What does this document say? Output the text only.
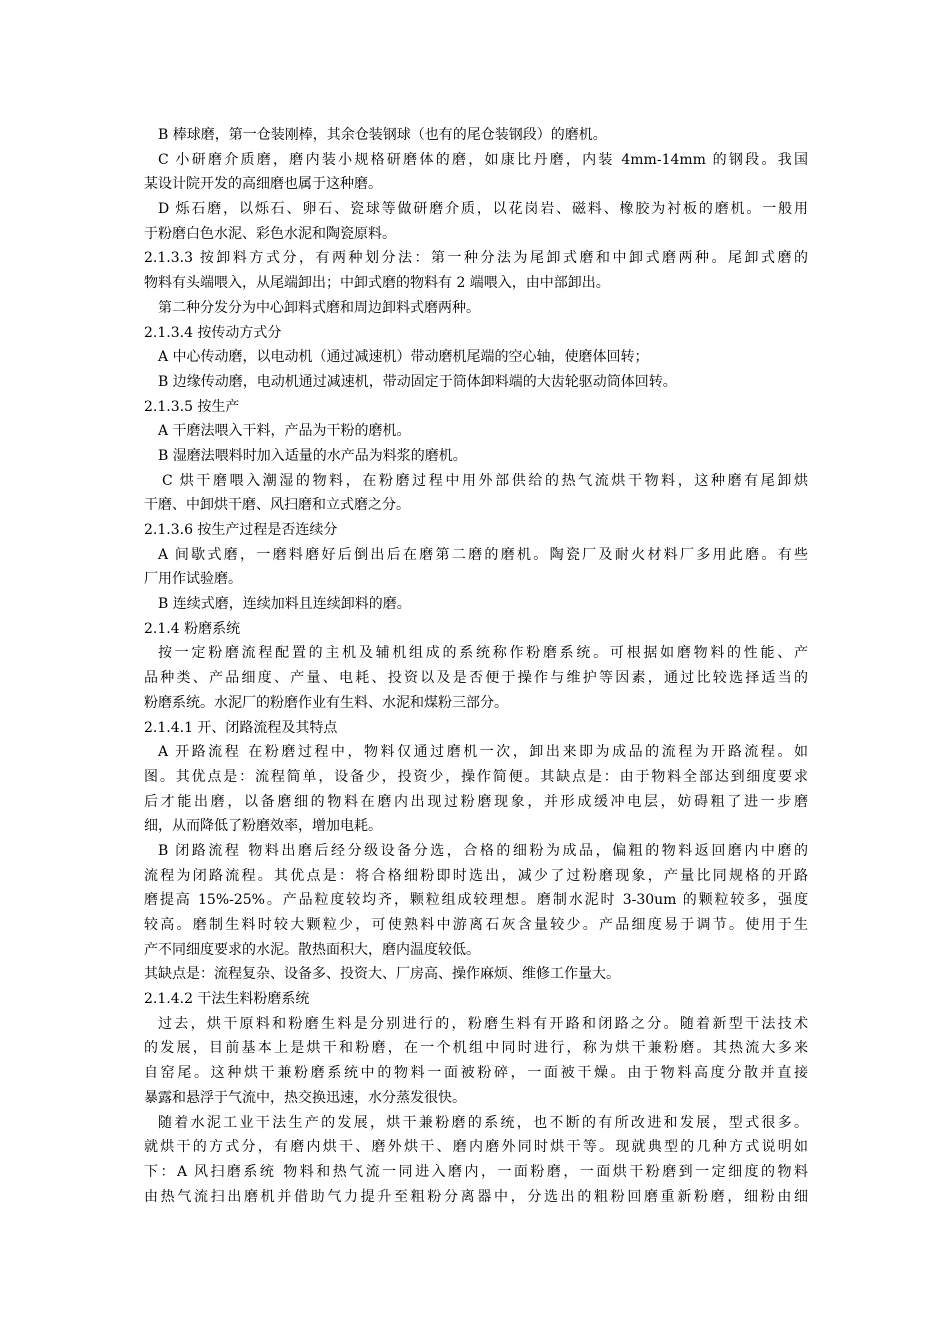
B 棒球磨，第一仓装刚棒，其余仓装钢球（也有的尾仓装钢段）的磨机。
C 小研磨介质磨，磨内装小规格研磨体的磨，如康比丹磨，内装 4mm-14mm 的钢段。我国
某设计院开发的高细磨也属于这种磨。
D 烁石磨，以烁石、卵石、瓷球等做研磨介质，以花岗岩、磁料、橡胶为衬板的磨机。一般用
于粉磨白色水泥、彩色水泥和陶瓷原料。
2.1.3.3 按卸料方式分，有两种划分法：第一种分法为尾卸式磨和中卸式磨两种。尾卸式磨的
物料有头端喂入，从尾端卸出；中卸式磨的物料有 2 端喂入，由中部卸出。
第二种分发分为中心卸料式磨和周边卸料式磨两种。
2.1.3.4 按传动方式分
A 中心传动磨，以电动机（通过减速机）带动磨机尾端的空心轴，使磨体回转；
B 边缘传动磨，电动机通过减速机，带动固定于筒体卸料端的大齿轮驱动筒体回转。
2.1.3.5 按生产
A 干磨法喂入干料，产品为干粉的磨机。
B 湿磨法喂料时加入适量的水产品为料浆的磨机。
C 烘干磨喂入潮湿的物料，在粉磨过程中用外部供给的热气流烘干物料，这种磨有尾卸烘
干磨、中卸烘干磨、风扫磨和立式磨之分。
2.1.3.6 按生产过程是否连续分
A 间歇式磨，一磨料磨好后倒出后在磨第二磨的磨机。陶瓷厂及耐火材料厂多用此磨。有些
厂用作试验磨。
B 连续式磨，连续加料且连续卸料的磨。
2.1.4 粉磨系统
按一定粉磨流程配置的主机及辅机组成的系统称作粉磨系统。可根据如磨物料的性能、产
品种类、产品细度、产量、电耗、投资以及是否便于操作与维护等因素，通过比较选择适当的
粉磨系统。水泥厂的粉磨作业有生料、水泥和煤粉三部分。
2.1.4.1 开、闭路流程及其特点
A 开路流程 在粉磨过程中，物料仅通过磨机一次，卸出来即为成品的流程为开路流程。如
图。其优点是：流程简单，设备少，投资少，操作简便。其缺点是：由于物料全部达到细度要求
后才能出磨，以备磨细的物料在磨内出现过粉磨现象，并形成缓冲电层，妨碍粗了进一步磨
细，从而降低了粉磨效率，增加电耗。
B 闭路流程 物料出磨后经分级设备分选，合格的细粉为成品，偏粗的物料返回磨内中磨的
流程为闭路流程。其优点是：将合格细粉即时选出，减少了过粉磨现象，产量比同规格的开路
磨提高 15%-25%。产品粒度较均齐，颗粒组成较理想。磨制水泥时 3-30um 的颗粒较多，强度
较高。磨制生料时较大颗粒少，可使熟料中游离石灰含量较少。产品细度易于调节。使用于生
产不同细度要求的水泥。散热面积大，磨内温度较低。
其缺点是：流程复杂、设备多、投资大、厂房高、操作麻烦、维修工作量大。
2.1.4.2 干法生料粉磨系统
过去，烘干原料和粉磨生料是分别进行的，粉磨生料有开路和闭路之分。随着新型干法技术
的发展，目前基本上是烘干和粉磨，在一个机组中同时进行，称为烘干兼粉磨。其热流大多来
自窑尾。这种烘干兼粉磨系统中的物料一面被粉碎，一面被干燥。由于物料高度分散并直接
暴露和悬浮于气流中，热交换迅速，水分蒸发很快。
随着水泥工业干法生产的发展，烘干兼粉磨的系统，也不断的有所改进和发展，型式很多。
就烘干的方式分，有磨内烘干、磨外烘干、磨内磨外同时烘干等。现就典型的几种方式说明如
下：A 风扫磨系统 物料和热气流一同进入磨内，一面粉磨，一面烘干粉磨到一定细度的物料
由热气流扫出磨机并借助气力提升至粗粉分离器中，分选出的粗粉回磨重新粉磨，细粉由细
